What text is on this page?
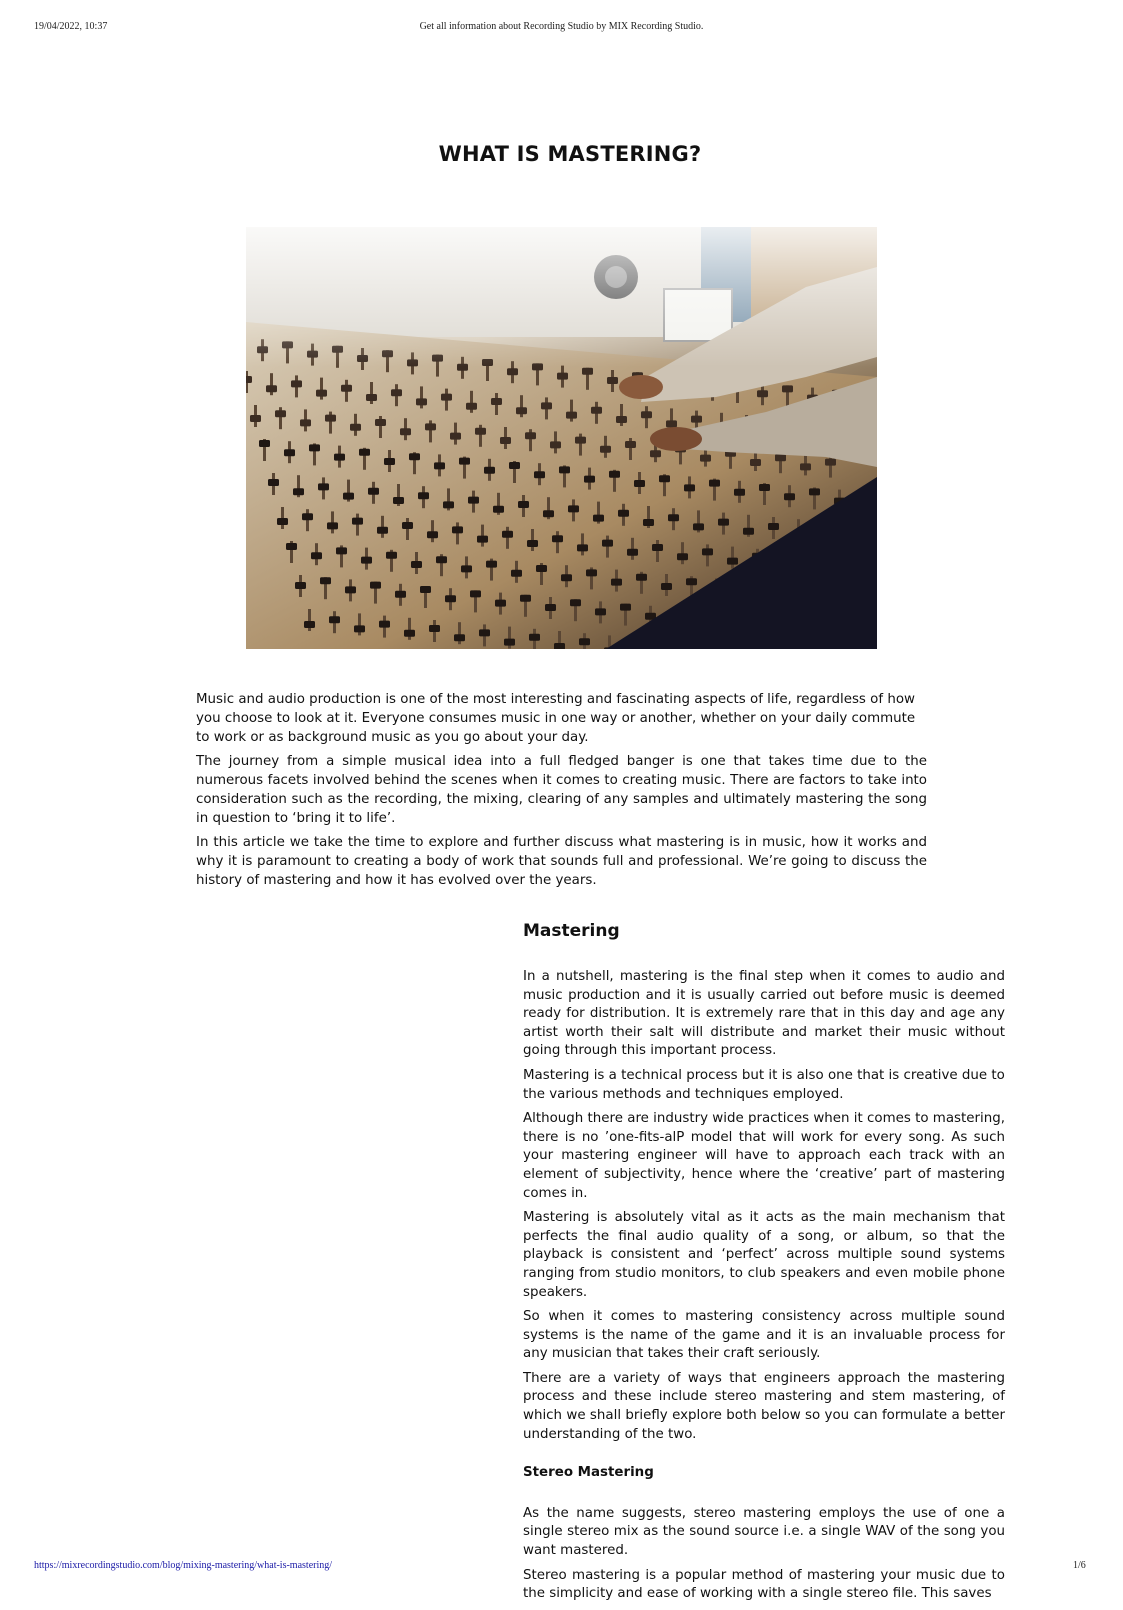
19/04/2022, 10:37	Get all information about Recording Studio by MIX Recording Studio.
WHAT IS MASTERING?

Music and audio production is one of the most interesting and fascinating aspects of life, regardless of how you choose to look at it. Everyone consumes music in one way or another, whether on your daily commute to work or as background music as you go about your day.

The journey from a simple musical idea into a full fledged banger is one that takes time due to the numerous facets involved behind the scenes when it comes to creating music. There are factors to take into consideration such as the recording, the mixing, clearing of any samples and ultimately mastering the song in question to ‘bring it to life’.

In this article we take the time to explore and further discuss what mastering is in music, how it works and why it is paramount to creating a body of work that sounds full and professional. We’re going to discuss the history of mastering and how it has evolved over the years.

Mastering

In a nutshell, mastering is the final step when it comes to audio and music production and it is usually carried out before music is deemed ready for distribution. It is extremely rare that in this day and age any artist worth their salt will distribute and market their music without going through this important process.

Mastering is a technical process but it is also one that is creative due to the various methods and techniques employed.

Although there are industry wide practices when it comes to mastering, there is no ’one-fits-alP model that will work for every song. As such your mastering engineer will have to approach each track with an element of subjectivity, hence where the ‘creative’ part of mastering comes in.

Mastering is absolutely vital as it acts as the main mechanism that perfects the final audio quality of a song, or album, so that the playback is consistent and ‘perfect’ across multiple sound systems ranging from studio monitors, to club speakers and even mobile phone speakers.

So when it comes to mastering consistency across multiple sound systems is the name of the game and it is an invaluable process for any musician that takes their craft seriously.

There are a variety of ways that engineers approach the mastering process and these include stereo mastering and stem mastering, of which we shall briefly explore both below so you can formulate a better understanding of the two.

Stereo Mastering

As the name suggests, stereo mastering employs the use of one a single stereo mix as the sound source i.e. a single WAV of the song you want mastered.

Stereo mastering is a popular method of mastering your music due to the simplicity and ease of working with a single stereo file. This saves

https://mixrecordingstudio.com/blog/mixing-mastering/what-is-mastering/	1/6
